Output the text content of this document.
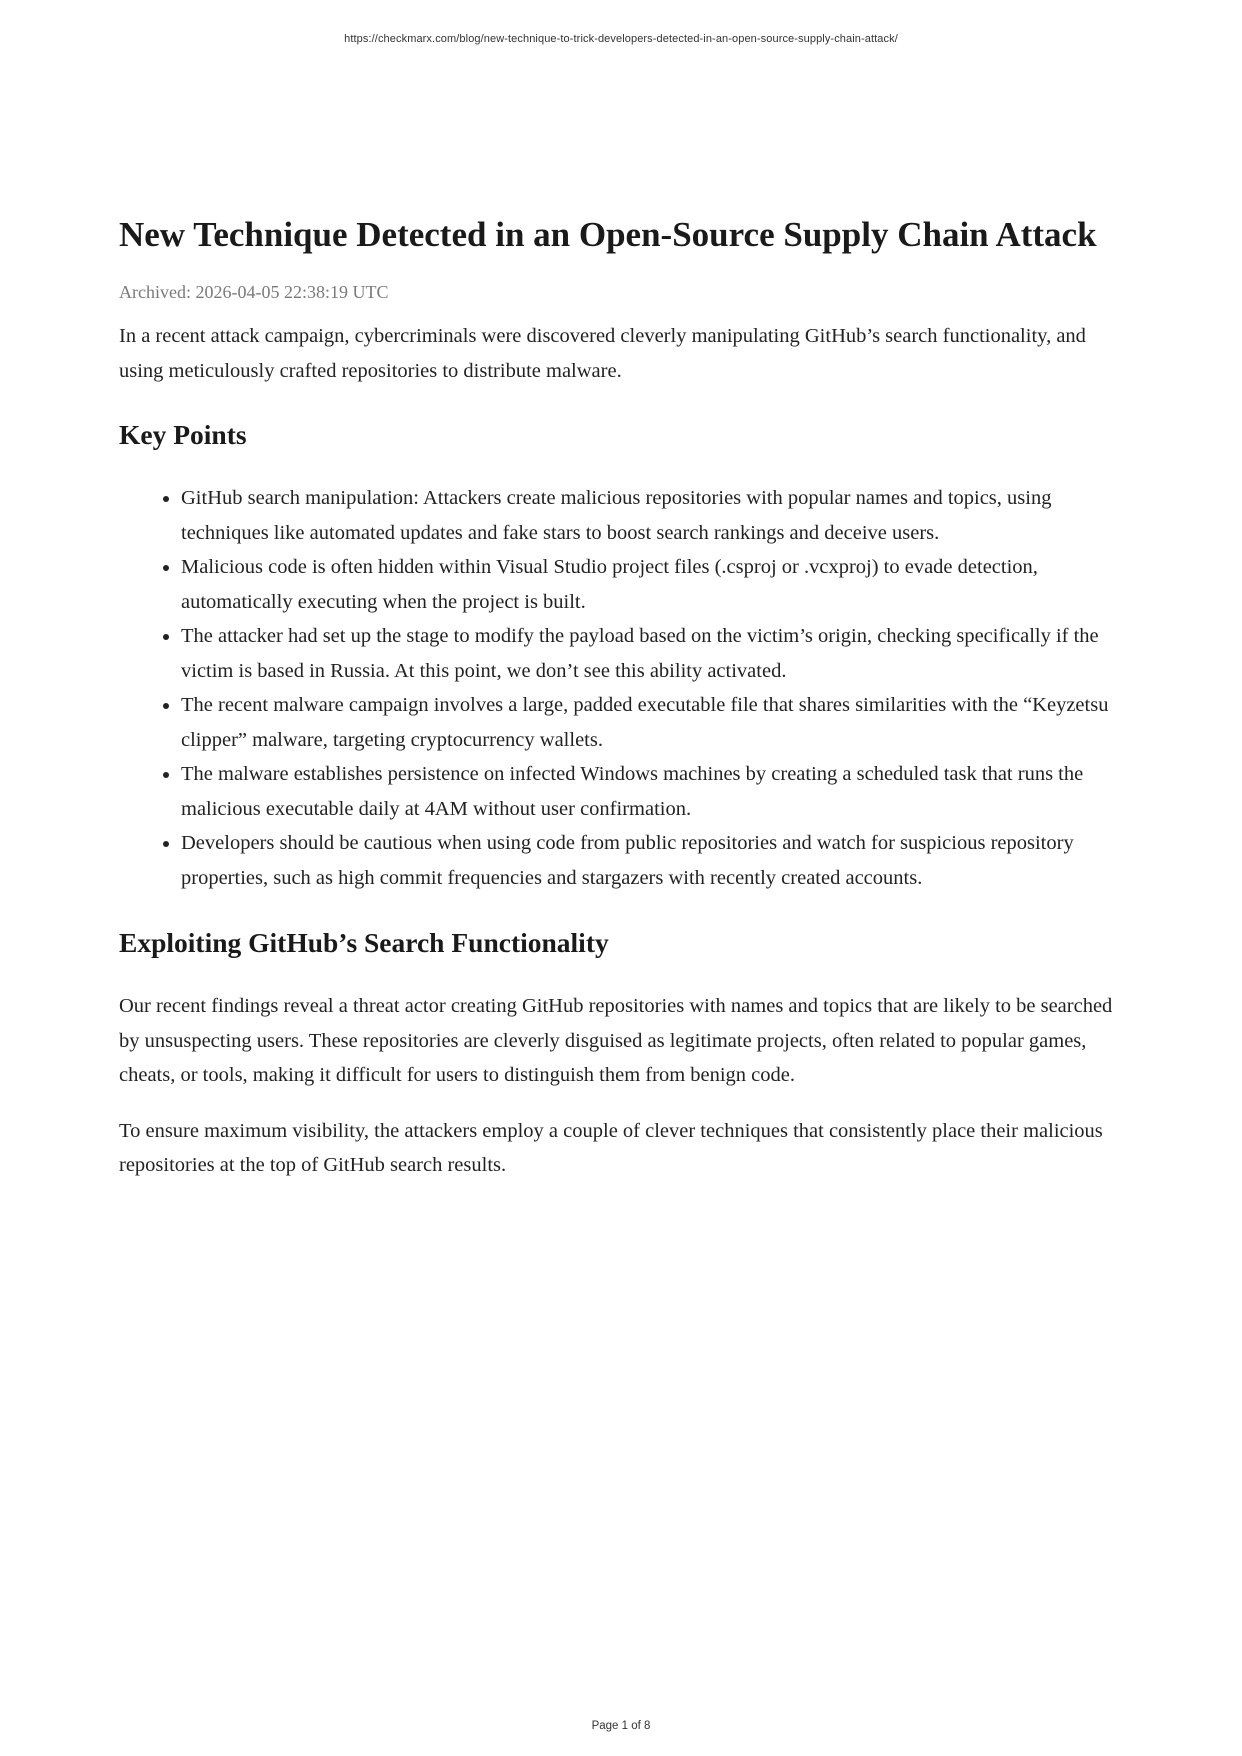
https://checkmarx.com/blog/new-technique-to-trick-developers-detected-in-an-open-source-supply-chain-attack/
New Technique Detected in an Open-Source Supply Chain Attack
Archived: 2026-04-05 22:38:19 UTC

In a recent attack campaign, cybercriminals were discovered cleverly manipulating GitHub’s search functionality, and using meticulously crafted repositories to distribute malware.

Key Points
• GitHub search manipulation: Attackers create malicious repositories with popular names and topics, using techniques like automated updates and fake stars to boost search rankings and deceive users.
• Malicious code is often hidden within Visual Studio project files (.csproj or .vcxproj) to evade detection, automatically executing when the project is built.
• The attacker had set up the stage to modify the payload based on the victim’s origin, checking specifically if the victim is based in Russia. At this point, we don’t see this ability activated.
• The recent malware campaign involves a large, padded executable file that shares similarities with the “Keyzetsu clipper” malware, targeting cryptocurrency wallets.
• The malware establishes persistence on infected Windows machines by creating a scheduled task that runs the malicious executable daily at 4AM without user confirmation.
• Developers should be cautious when using code from public repositories and watch for suspicious repository properties, such as high commit frequencies and stargazers with recently created accounts.
Exploiting GitHub’s Search Functionality

Our recent findings reveal a threat actor creating GitHub repositories with names and topics that are likely to be searched by unsuspecting users. These repositories are cleverly disguised as legitimate projects, often related to popular games, cheats, or tools, making it difficult for users to distinguish them from benign code.

To ensure maximum visibility, the attackers employ a couple of clever techniques that consistently place their malicious repositories at the top of GitHub search results.

Page 1 of 8
